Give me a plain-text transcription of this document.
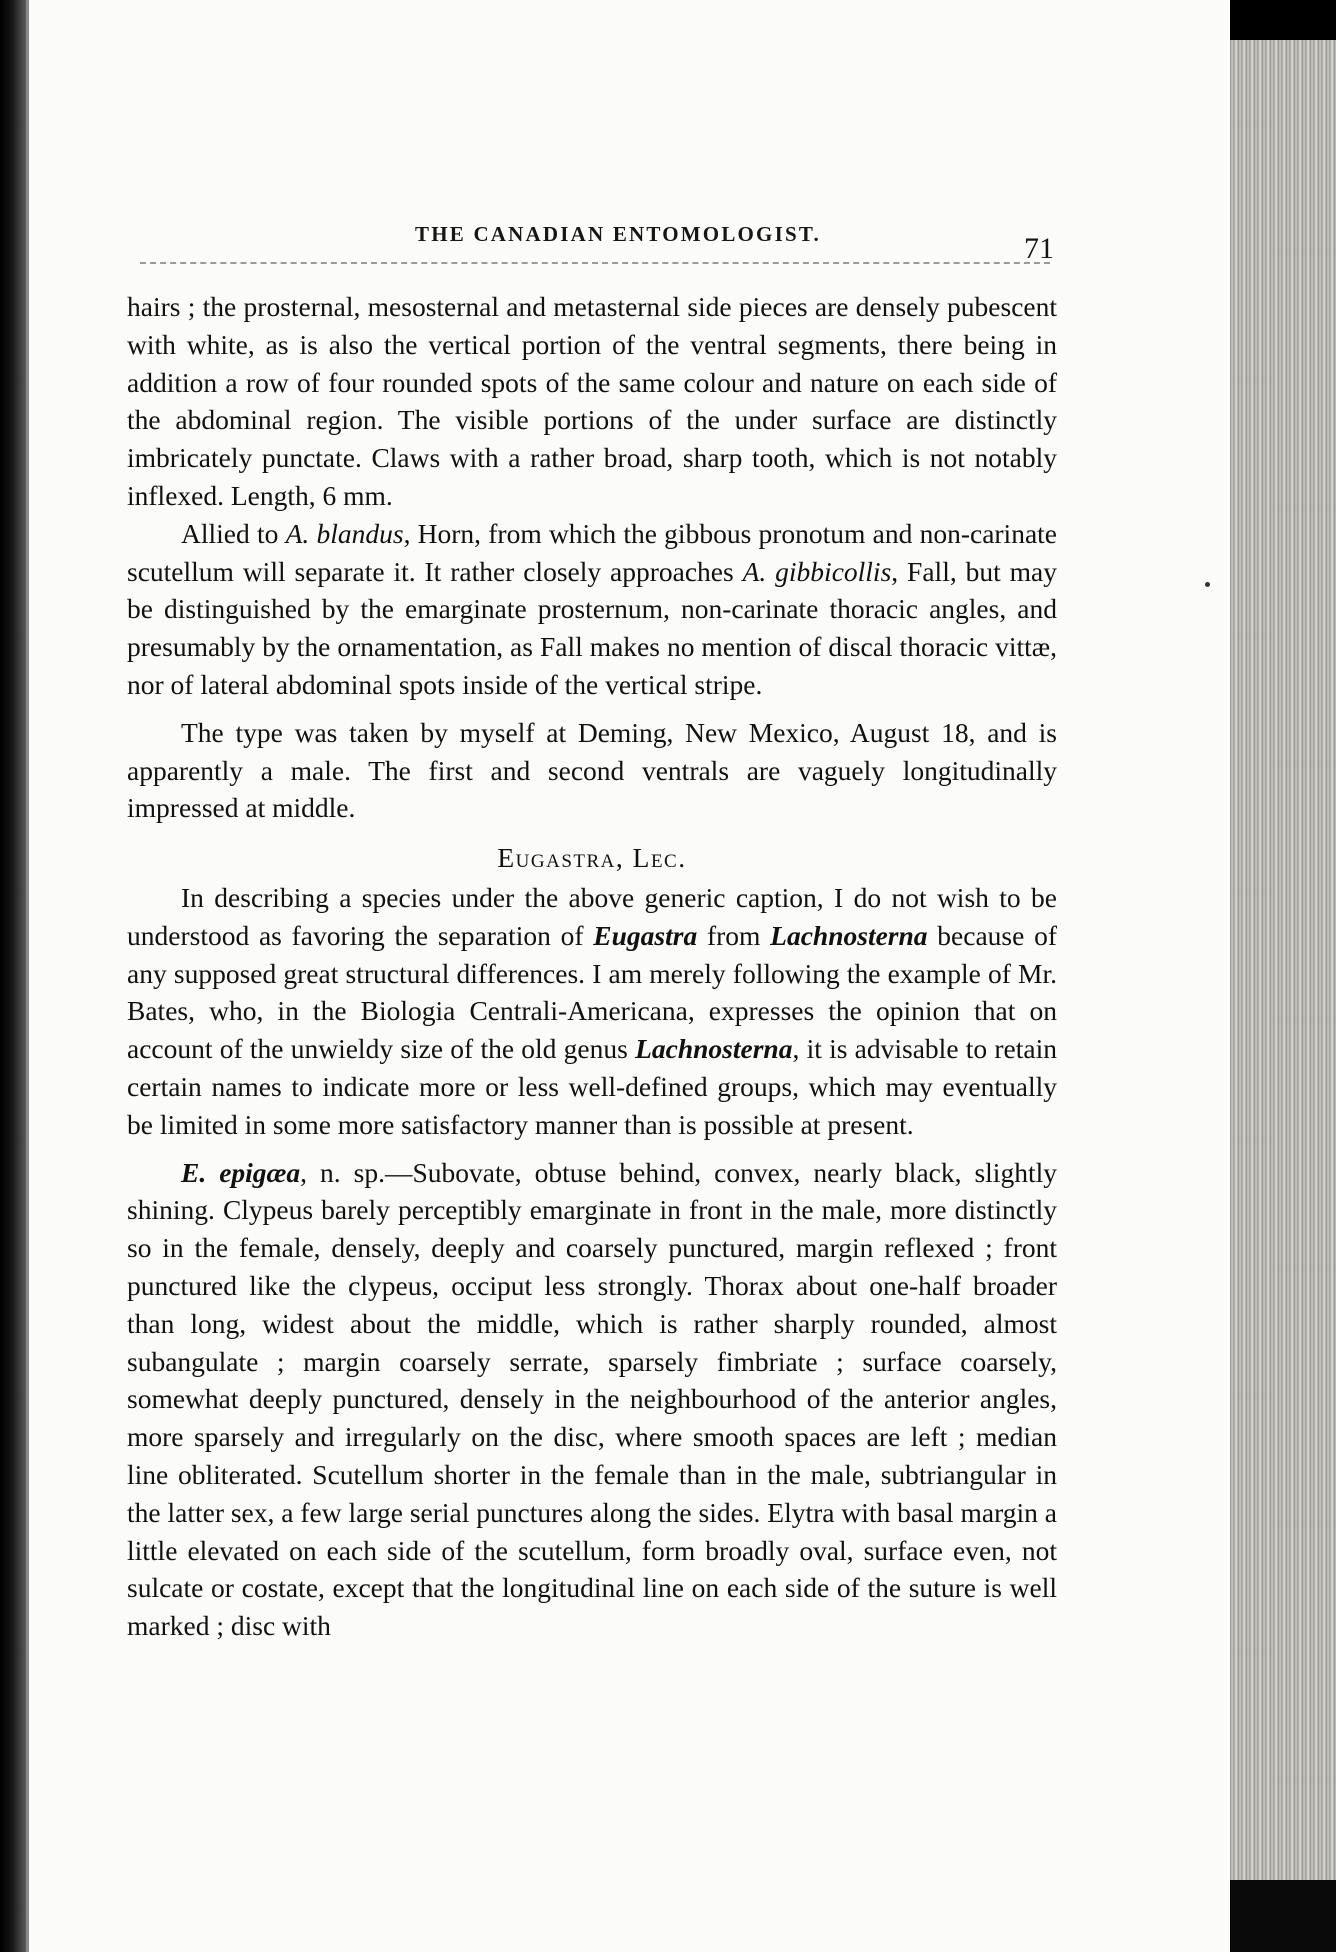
THE CANADIAN ENTOMOLOGIST.	71

hairs ; the prosternal, mesosternal and metasternal side pieces are densely pubescent with white, as is also the vertical portion of the ventral segments, there being in addition a row of four rounded spots of the same colour and nature on each side of the abdominal region. The visible portions of the under surface are distinctly imbricately punctate. Claws with a rather broad, sharp tooth, which is not notably inflexed. Length, 6 mm.

Allied to A. blandus, Horn, from which the gibbous pronotum and non-carinate scutellum will separate it. It rather closely approaches A. gibbicollis, Fall, but may be distinguished by the emarginate prosternum, non-carinate thoracic angles, and presumably by the ornamentation, as Fall makes no mention of discal thoracic vittæ, nor of lateral abdominal spots inside of the vertical stripe.

The type was taken by myself at Deming, New Mexico, August 18, and is apparently a male. The first and second ventrals are vaguely longitudinally impressed at middle.

Eugastra, Lec.

In describing a species under the above generic caption, I do not wish to be understood as favoring the separation of Eugastra from Lachnosterna because of any supposed great structural differences. I am merely following the example of Mr. Bates, who, in the Biologia Centrali-Americana, expresses the opinion that on account of the unwieldy size of the old genus Lachnosterna, it is advisable to retain certain names to indicate more or less well-defined groups, which may eventually be limited in some more satisfactory manner than is possible at present.

E. epigæa, n. sp.—Subovate, obtuse behind, convex, nearly black, slightly shining. Clypeus barely perceptibly emarginate in front in the male, more distinctly so in the female, densely, deeply and coarsely punctured, margin reflexed ; front punctured like the clypeus, occiput less strongly. Thorax about one-half broader than long, widest about the middle, which is rather sharply rounded, almost subangulate ; margin coarsely serrate, sparsely fimbriate ; surface coarsely, somewhat deeply punctured, densely in the neighbourhood of the anterior angles, more sparsely and irregularly on the disc, where smooth spaces are left ; median line obliterated. Scutellum shorter in the female than in the male, subtriangular in the latter sex, a few large serial punctures along the sides. Elytra with basal margin a little elevated on each side of the scutellum, form broadly oval, surface even, not sulcate or costate, except that the longitudinal line on each side of the suture is well marked ; disc with
